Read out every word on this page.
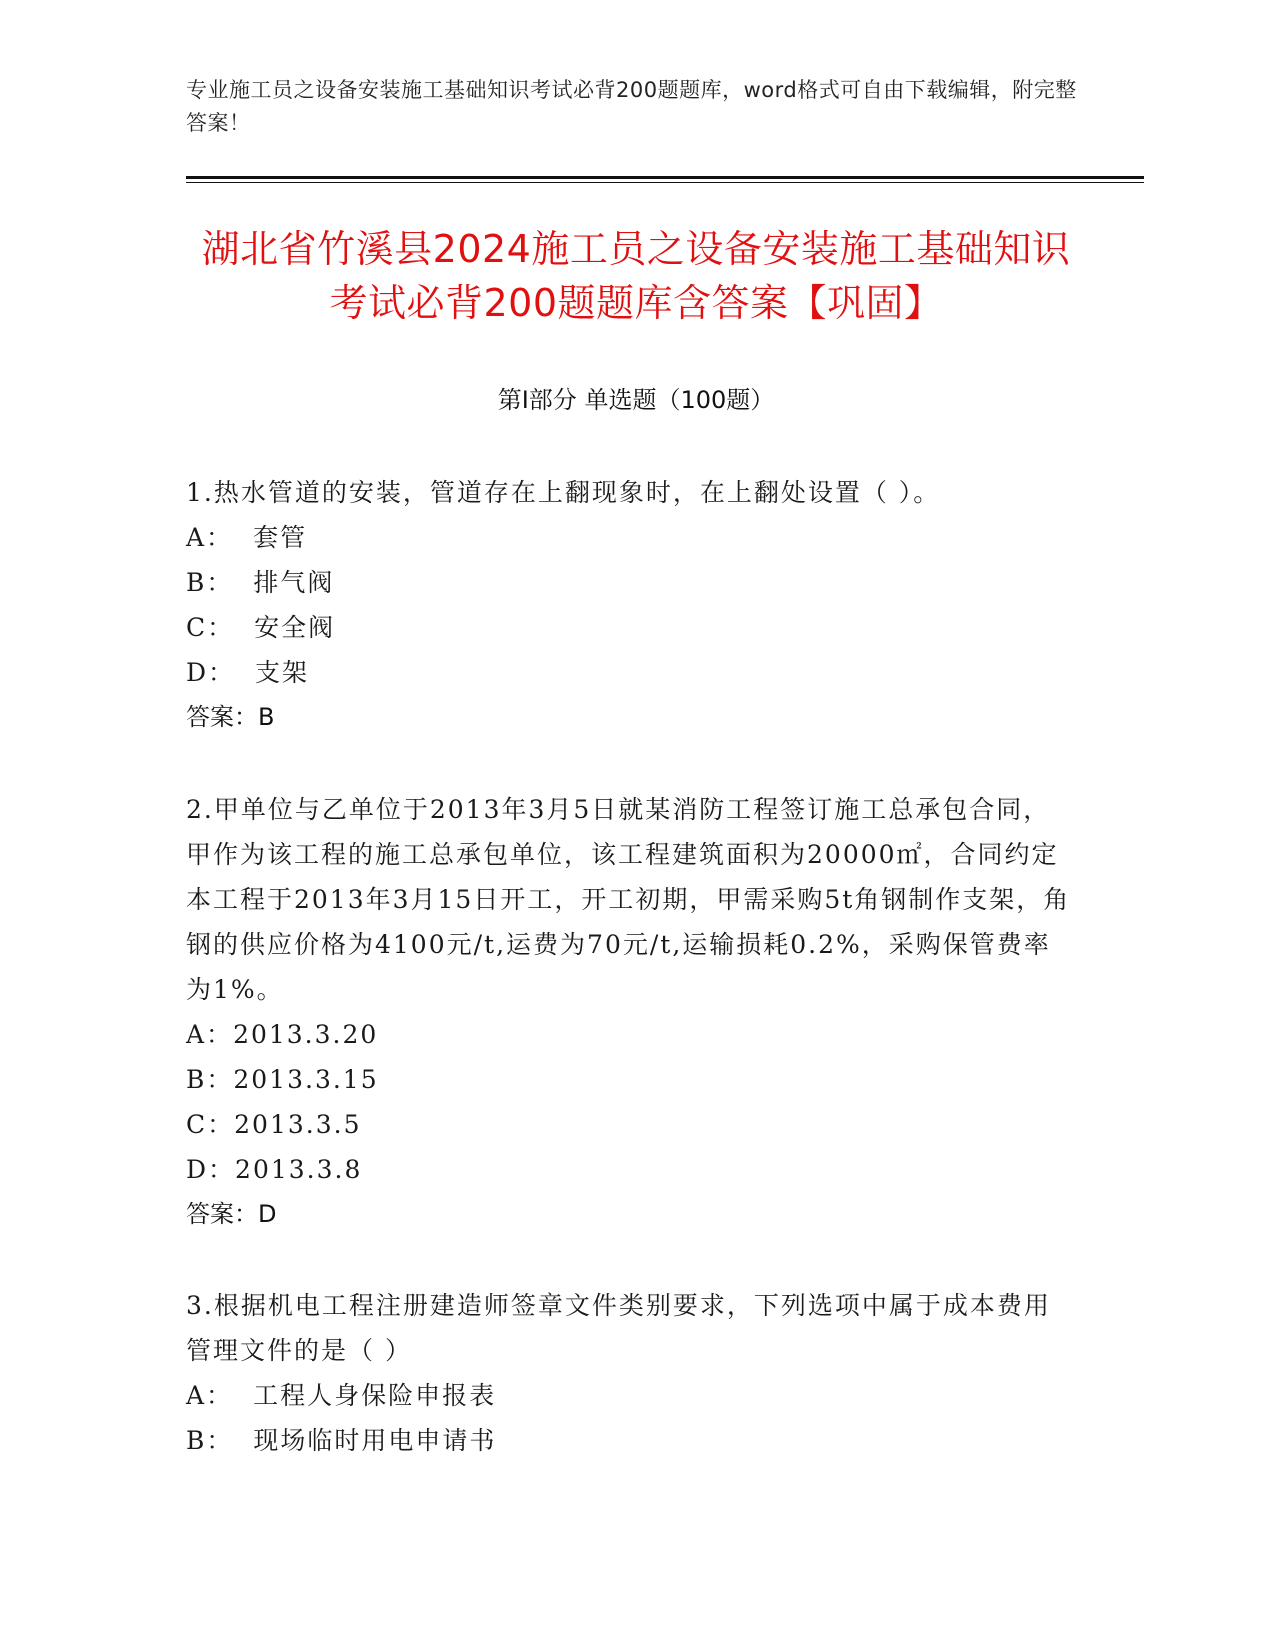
专业施工员之设备安装施工基础知识考试必背200题题库，word格式可自由下载编辑，附完整答案！
湖北省竹溪县2024施工员之设备安装施工基础知识考试必背200题题库含答案【巩固】
第I部分 单选题（100题）
1.热水管道的安装，管道存在上翻现象时，在上翻处设置（ ）。
A： 套管
B： 排气阀
C： 安全阀
D： 支架
答案：B
2.甲单位与乙单位于2013年3月5日就某消防工程签订施工总承包合同，甲作为该工程的施工总承包单位，该工程建筑面积为20000㎡，合同约定本工程于2013年3月15日开工，开工初期，甲需采购5t角钢制作支架，角钢的供应价格为4100元/t,运费为70元/t,运输损耗0.2%，采购保管费率为1%。
A：2013.3.20
B：2013.3.15
C：2013.3.5
D：2013.3.8
答案：D
3.根据机电工程注册建造师签章文件类别要求，下列选项中属于成本费用管理文件的是（ ）
A： 工程人身保险申报表
B： 现场临时用电申请书
